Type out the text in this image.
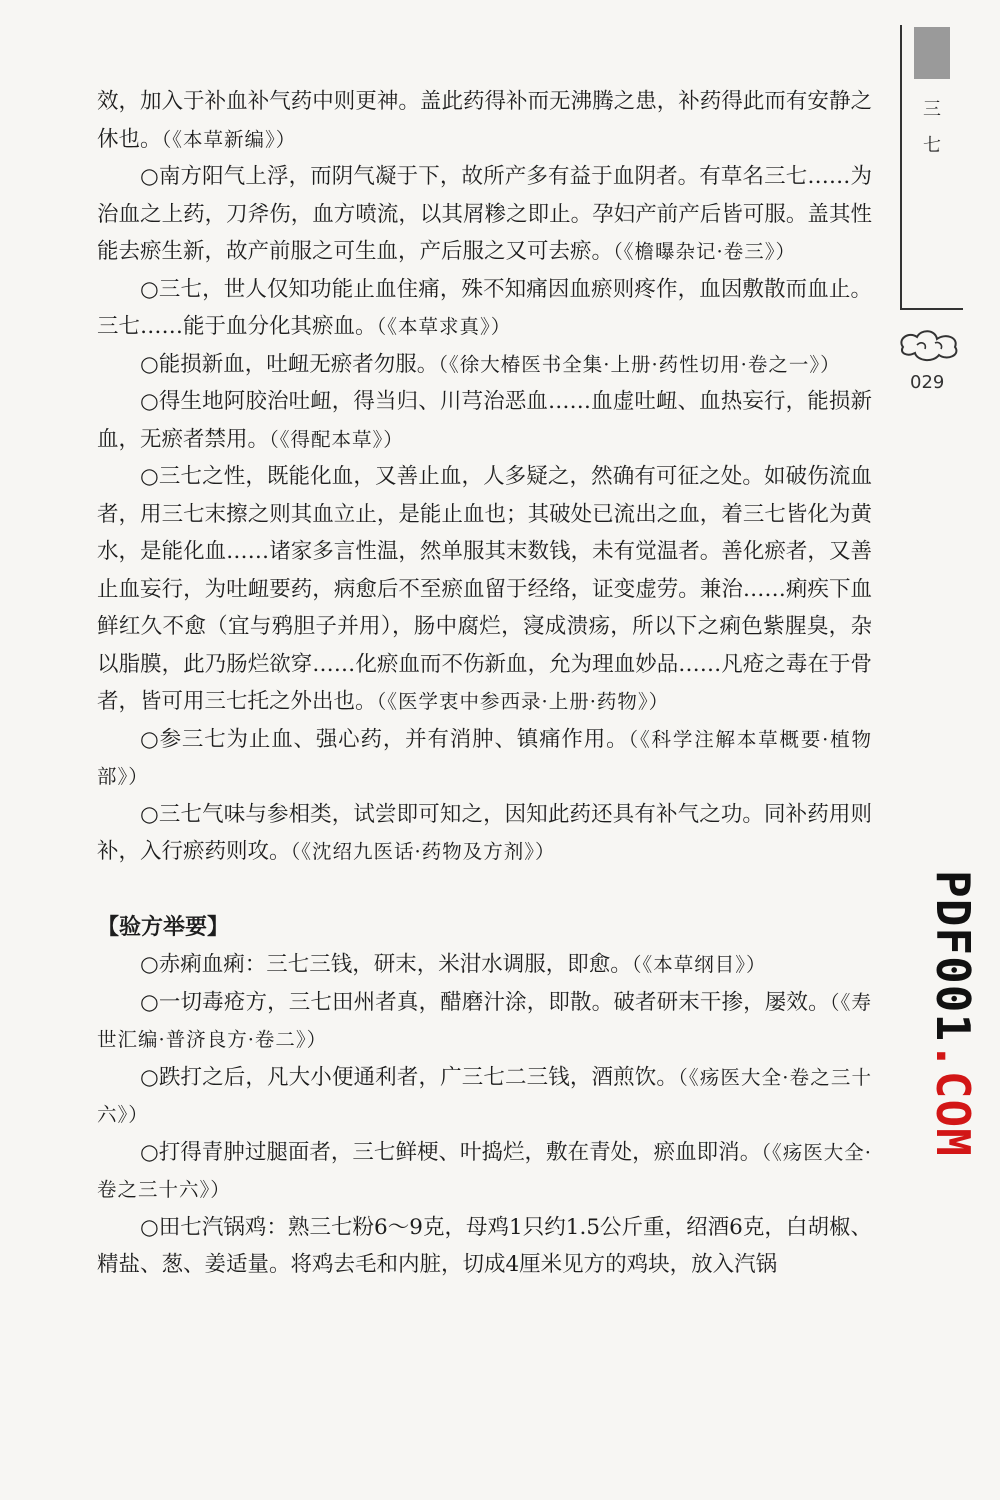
效，加入于补血补气药中则更神。盖此药得补而无沸腾之患，补药得此而有安静之休也。（《本草新编》）

○南方阳气上浮，而阴气凝于下，故所产多有益于血阴者。有草名三七……为治血之上药，刀斧伤，血方喷流，以其屑糁之即止。孕妇产前产后皆可服。盖其性能去瘀生新，故产前服之可生血，产后服之又可去瘀。（《檐曝杂记·卷三》）

○三七，世人仅知功能止血住痛，殊不知痛因血瘀则疼作，血因敷散而血止。三七……能于血分化其瘀血。（《本草求真》）

○能损新血，吐衄无瘀者勿服。（《徐大椿医书全集·上册·药性切用·卷之一》）

○得生地阿胶治吐衄，得当归、川芎治恶血……血虚吐衄、血热妄行，能损新血，无瘀者禁用。（《得配本草》）

○三七之性，既能化血，又善止血，人多疑之，然确有可征之处。如破伤流血者，用三七末擦之则其血立止，是能止血也；其破处已流出之血，着三七皆化为黄水，是能化血……诸家多言性温，然单服其末数钱，未有觉温者。善化瘀者，又善止血妄行，为吐衄要药，病愈后不至瘀血留于经络，证变虚劳。兼治……痢疾下血鲜红久不愈（宜与鸦胆子并用），肠中腐烂，寖成溃疡，所以下之痢色紫腥臭，杂以脂膜，此乃肠烂欲穿……化瘀血而不伤新血，允为理血妙品……凡疮之毒在于骨者，皆可用三七托之外出也。（《医学衷中参西录·上册·药物》）

○参三七为止血、强心药，并有消肿、镇痛作用。（《科学注解本草概要·植物部》）

○三七气味与参相类，试尝即可知之，因知此药还具有补气之功。同补药用则补，入行瘀药则攻。（《沈绍九医话·药物及方剂》）

【验方举要】

○赤痢血痢：三七三钱，研末，米泔水调服，即愈。（《本草纲目》）

○一切毒疮方，三七田州者真，醋磨汁涂，即散。破者研末干掺，屡效。（《寿世汇编·普济良方·卷二》）

○跌打之后，凡大小便通利者，广三七二三钱，酒煎饮。（《疡医大全·卷之三十六》）

○打得青肿过腿面者，三七鲜梗、叶捣烂，敷在青处，瘀血即消。（《疡医大全·卷之三十六》）

○田七汽锅鸡：熟三七粉6～9克，母鸡1只约1.5公斤重，绍酒6克，白胡椒、精盐、葱、姜适量。将鸡去毛和内脏，切成4厘米见方的鸡块，放入汽锅

三
七
029
PDF001.COM
